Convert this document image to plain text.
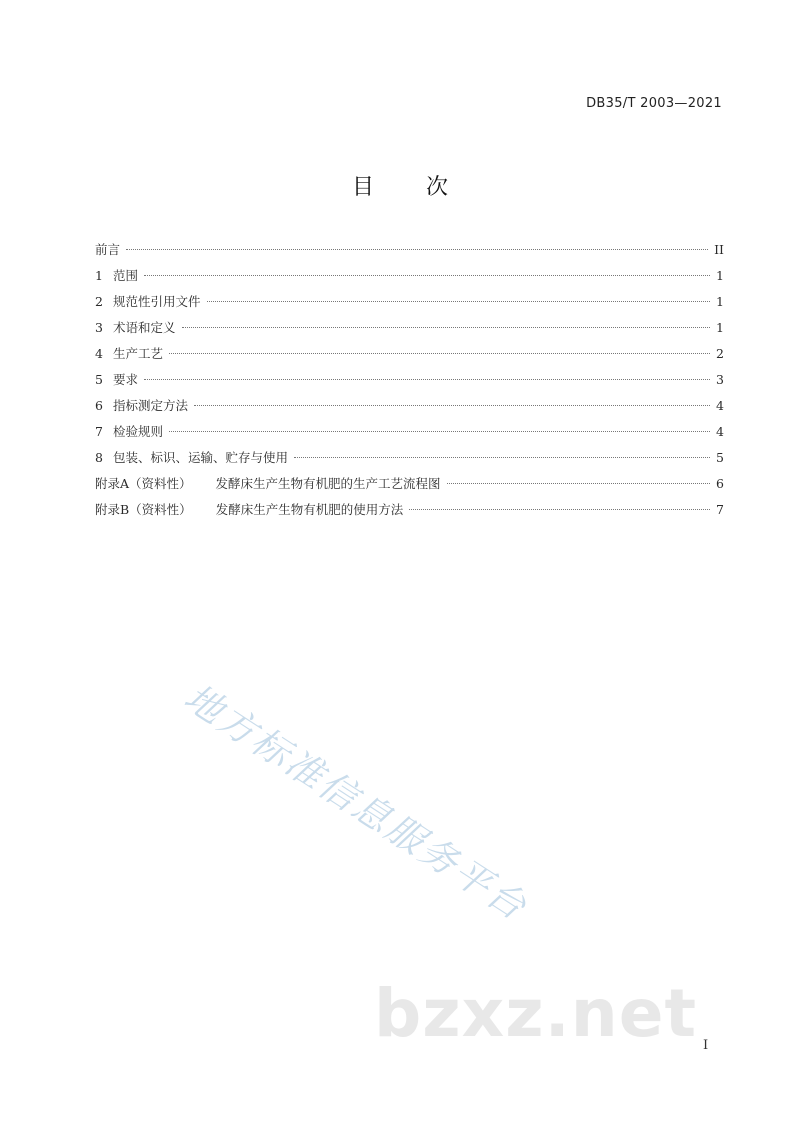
DB35/T 2003—2021
目 次
前言	II
1 范围	1
2 规范性引用文件	1
3 术语和定义	1
4 生产工艺	2
5 要求	3
6 指标测定方法	4
7 检验规则	4
8 包装、标识、运输、贮存与使用	5
附录A（资料性） 发酵床生产生物有机肥的生产工艺流程图	6
附录B（资料性） 发酵床生产生物有机肥的使用方法	7
地方标准信息服务平台
bzxz.net I
